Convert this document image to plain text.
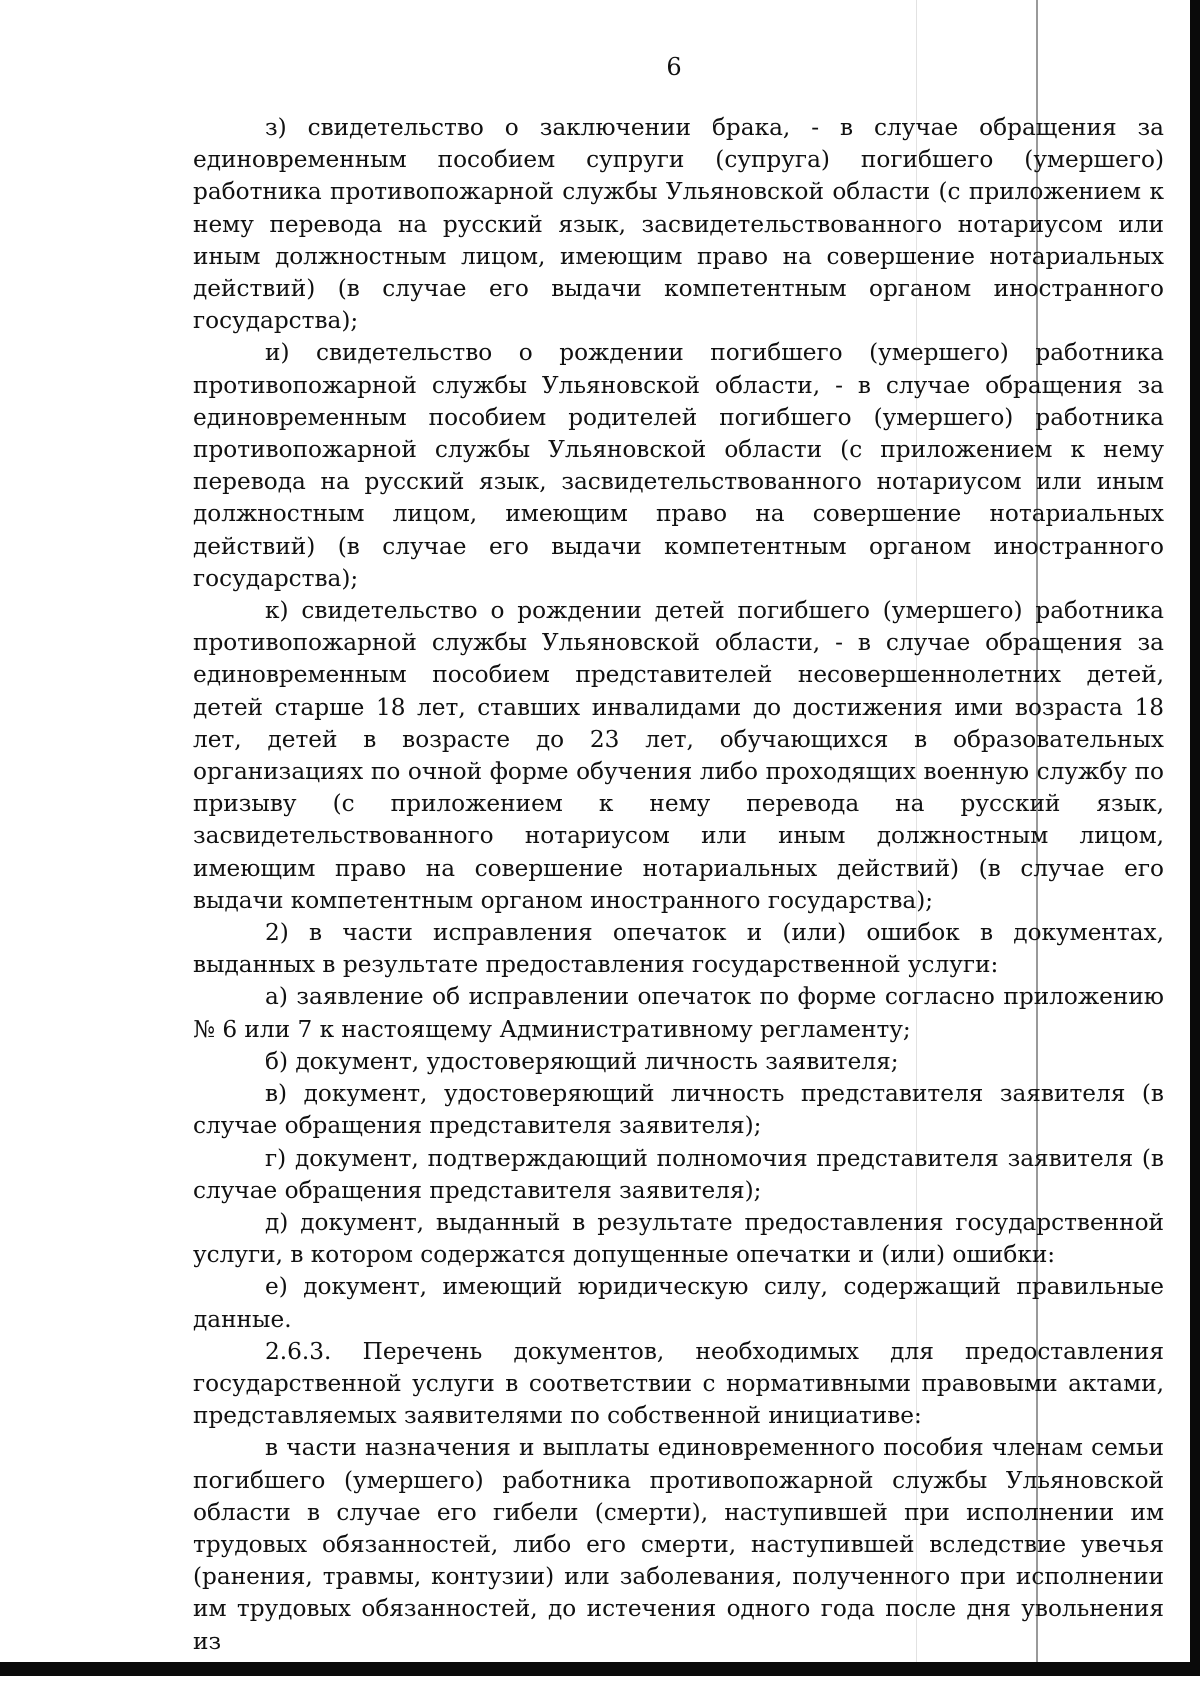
6

з) свидетельство о заключении брака, - в случае обращения за единовременным пособием супруги (супруга) погибшего (умершего) работника противопожарной службы Ульяновской области (с приложением к нему перевода на русский язык, засвидетельствованного нотариусом или иным должностным лицом, имеющим право на совершение нотариальных действий) (в случае его выдачи компетентным органом иностранного государства);

и) свидетельство о рождении погибшего (умершего) работника противопожарной службы Ульяновской области, - в случае обращения за единовременным пособием родителей погибшего (умершего) работника противопожарной службы Ульяновской области (с приложением к нему перевода на русский язык, засвидетельствованного нотариусом или иным должностным лицом, имеющим право на совершение нотариальных действий) (в случае его выдачи компетентным органом иностранного государства);

к) свидетельство о рождении детей погибшего (умершего) работника противопожарной службы Ульяновской области, - в случае обращения за единовременным пособием представителей несовершеннолетних детей, детей старше 18 лет, ставших инвалидами до достижения ими возраста 18 лет, детей в возрасте до 23 лет, обучающихся в образовательных организациях по очной форме обучения либо проходящих военную службу по призыву (с приложением к нему перевода на русский язык, засвидетельствованного нотариусом или иным должностным лицом, имеющим право на совершение нотариальных действий) (в случае его выдачи компетентным органом иностранного государства);

2) в части исправления опечаток и (или) ошибок в документах, выданных в результате предоставления государственной услуги:

а) заявление об исправлении опечаток по форме согласно приложению № 6 или 7 к настоящему Административному регламенту;

б) документ, удостоверяющий личность заявителя;

в) документ, удостоверяющий личность представителя заявителя (в случае обращения представителя заявителя);

г) документ, подтверждающий полномочия представителя заявителя (в случае обращения представителя заявителя);

д) документ, выданный в результате предоставления государственной услуги, в котором содержатся допущенные опечатки и (или) ошибки:

е) документ, имеющий юридическую силу, содержащий правильные данные.

2.6.3. Перечень документов, необходимых для предоставления государственной услуги в соответствии с нормативными правовыми актами, представляемых заявителями по собственной инициативе:

в части назначения и выплаты единовременного пособия членам семьи погибшего (умершего) работника противопожарной службы Ульяновской области в случае его гибели (смерти), наступившей при исполнении им трудовых обязанностей, либо его смерти, наступившей вследствие увечья (ранения, травмы, контузии) или заболевания, полученного при исполнении им трудовых обязанностей, до истечения одного года после дня увольнения из
